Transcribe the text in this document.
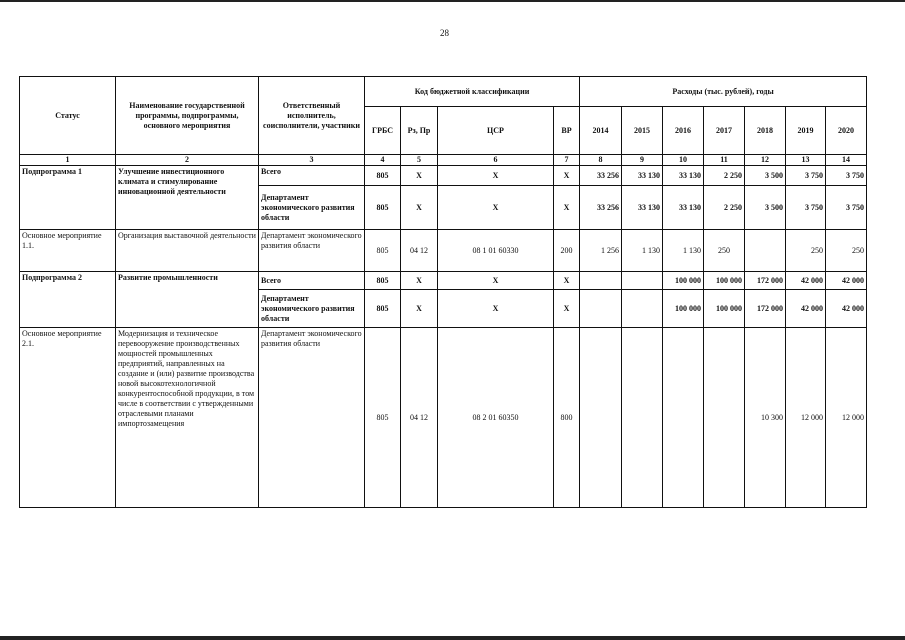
28
Статус	Наименование государственной программы, подпрограммы, основного мероприятия	Ответственный исполнитель, соисполнители, участники	Код бюджетной классификации				Расходы (тыс. рублей), годы						
			ГРБС	Рз, Пр	ЦСР	ВР	2014	2015	2016	2017	2018	2019	2020
1	2	3	4	5	6	7	8	9	10	11	12	13	14
Подпрограмма 1	Улучшение инвестиционного климата и стимулирование инновационной деятельности	Всего	805	Х	Х	Х	33 256	33 130	33 130	2 250	3 500	3 750	3 750
		Департамент экономического развития области	805	Х	Х	Х	33 256	33 130	33 130	2 250	3 500	3 750	3 750
Основное мероприятие 1.1.	Организация выставочной деятельности	Департамент экономического развития области	805	04 12	08 1 01 60330	200	1 256	1 130	1 130	250		250	250
Подпрограмма 2	Развитие промышленности	Всего	805	Х	Х	Х			100 000	100 000	172 000	42 000	42 000
		Департамент экономического развития области	805	Х	Х	Х			100 000	100 000	172 000	42 000	42 000
Основное мероприятие 2.1.	Модернизация и техническое перевооружение производственных мощностей промышленных предприятий, направленных на создание и (или) развитие производства новой высокотехнологичной конкурентоспособной продукции, в том числе в соответствии с утвержденными отраслевыми планами импортозамещения	Департамент экономического развития области	805	04 12	08 2 01 60350	800					10 300	12 000	12 000
